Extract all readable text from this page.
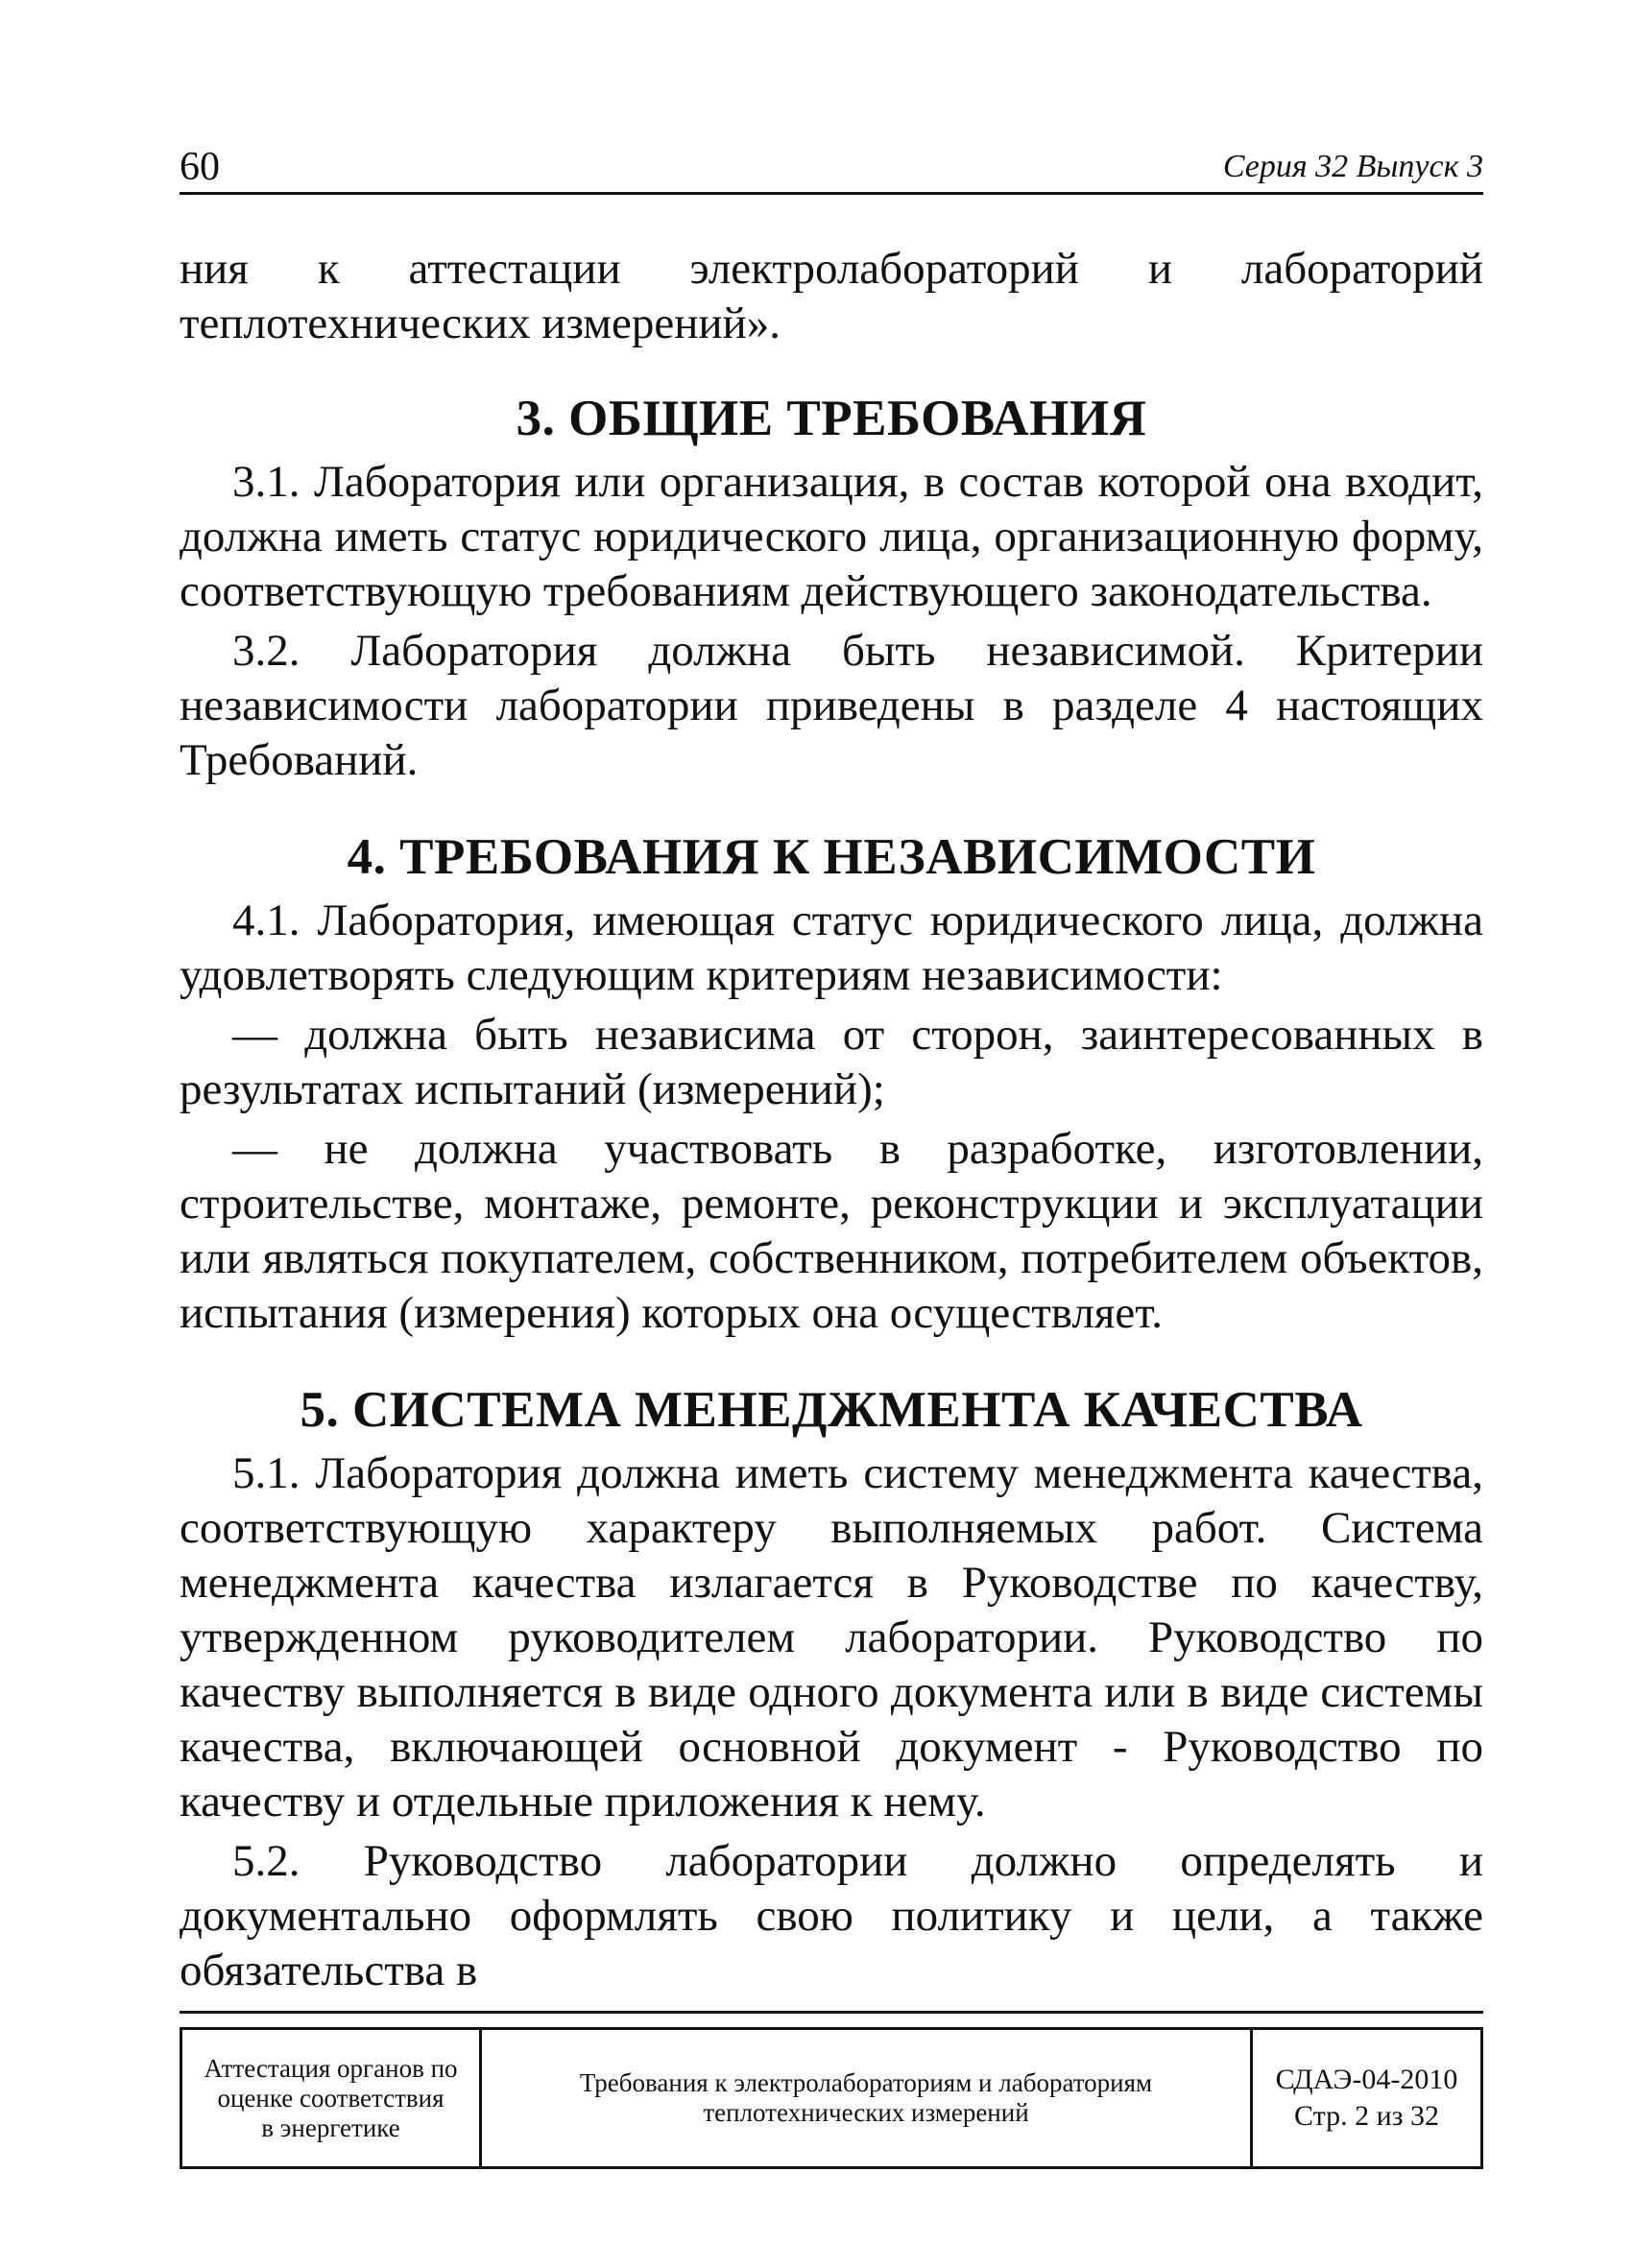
60	Серия 32 Выпуск 3

ния к аттестации электролабораторий и лабораторий теплотехнических измерений».

3. ОБЩИЕ ТРЕБОВАНИЯ

3.1. Лаборатория или организация, в состав которой она входит, должна иметь статус юридического лица, организационную форму, соответствующую требованиям действующего законодательства.

3.2. Лаборатория должна быть независимой. Критерии независимости лаборатории приведены в разделе 4 настоящих Требований.

4. ТРЕБОВАНИЯ К НЕЗАВИСИМОСТИ

4.1. Лаборатория, имеющая статус юридического лица, должна удовлетворять следующим критериям независимости:

— должна быть независима от сторон, заинтересованных в результатах испытаний (измерений);

— не должна участвовать в разработке, изготовлении, строительстве, монтаже, ремонте, реконструкции и эксплуатации или являться покупателем, собственником, потребителем объектов, испытания (измерения) которых она осуществляет.

5. СИСТЕМА МЕНЕДЖМЕНТА КАЧЕСТВА

5.1. Лаборатория должна иметь систему менеджмента качества, соответствующую характеру выполняемых работ. Система менеджмента качества излагается в Руководстве по качеству, утвержденном руководителем лаборатории. Руководство по качеству выполняется в виде одного документа или в виде системы качества, включающей основной документ - Руководство по качеству и отдельные приложения к нему.

5.2. Руководство лаборатории должно определять и документально оформлять свою политику и цели, а также обязательства в

Аттестация органов по
оценке соответствия
в энергетике
Требования к электролабораториям и лабораториям
теплотехнических измерений
СДАЭ-04-2010
Стр. 2 из 32
